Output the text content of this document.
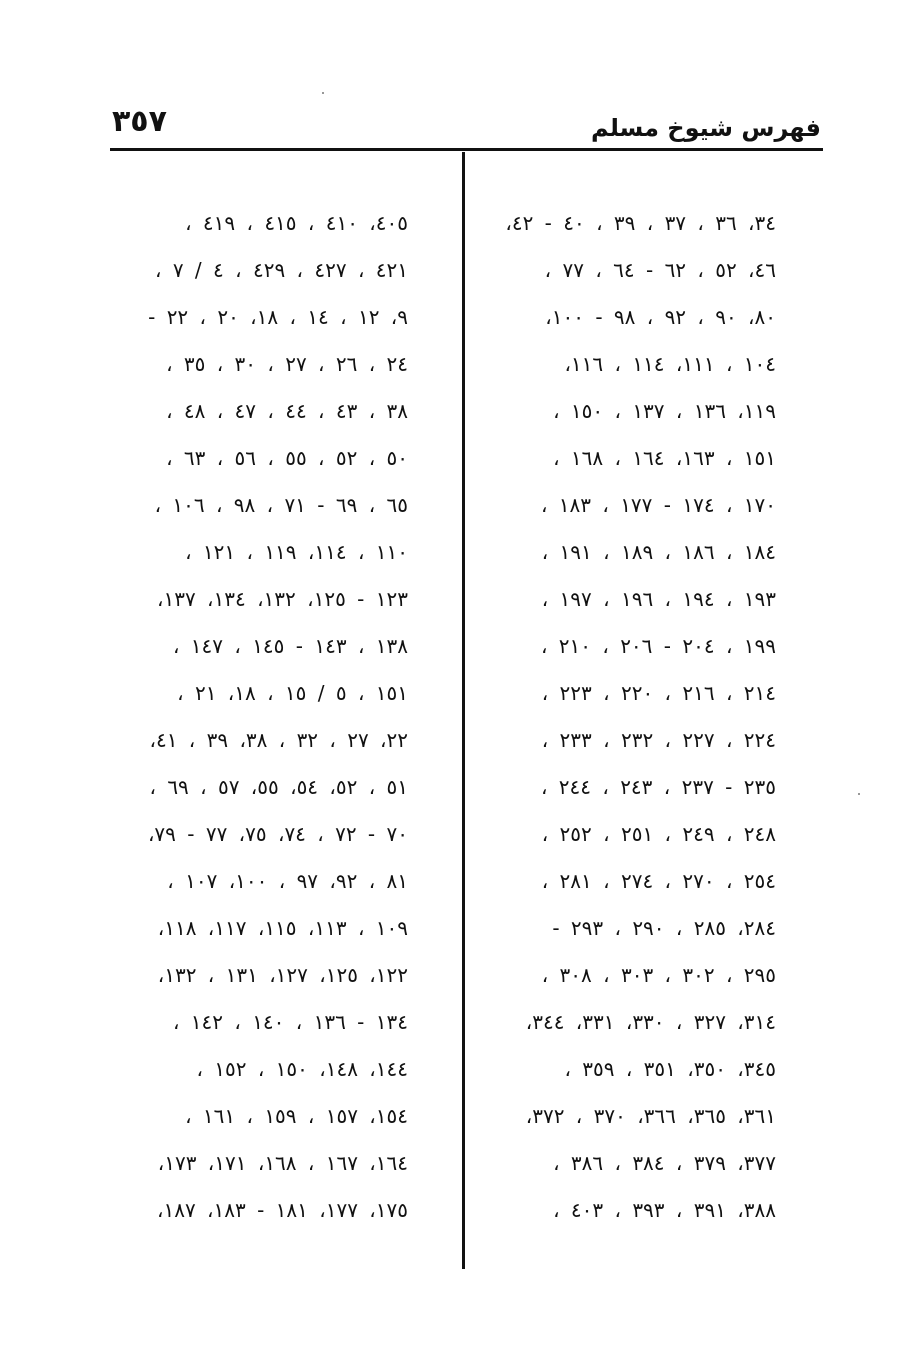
٣٥٧	فهرس شيوخ مسلم
٣٤، ٣٦ ، ٣٧ ، ٣٩ ، ٤٠ - ٤٢،
٤٦، ٥٢ ، ٦٢ - ٦٤ ، ٧٧ ،
٨٠، ٩٠ ، ٩٢ ، ٩٨ - ١٠٠،
١٠٤ ، ١١١، ١١٤ ، ١١٦،
١١٩، ١٣٦ ، ١٣٧ ، ١٥٠ ،
١٥١ ، ١٦٣، ١٦٤ ، ١٦٨ ،
١٧٠ ، ١٧٤ - ١٧٧ ، ١٨٣ ،
١٨٤ ، ١٨٦ ، ١٨٩ ، ١٩١ ،
١٩٣ ، ١٩٤ ، ١٩٦ ، ١٩٧ ،
١٩٩ ، ٢٠٤ - ٢٠٦ ، ٢١٠ ،
٢١٤ ، ٢١٦ ، ٢٢٠ ، ٢٢٣ ،
٢٢٤ ، ٢٢٧ ، ٢٣٢ ، ٢٣٣ ،
٢٣٥ - ٢٣٧ ، ٢٤٣ ، ٢٤٤ ،
٢٤٨ ، ٢٤٩ ، ٢٥١ ، ٢٥٢ ،
٢٥٤ ، ٢٧٠ ، ٢٧٤ ، ٢٨١ ،
٢٨٤، ٢٨٥ ، ٢٩٠ ، ٢٩٣ -
٢٩٥ ، ٣٠٢ ، ٣٠٣ ، ٣٠٨ ،
٣١٤، ٣٢٧ ، ٣٣٠، ٣٣١، ٣٤٤،
٣٤٥، ٣٥٠، ٣٥١ ، ٣٥٩ ،
٣٦١، ٣٦٥، ٣٦٦، ٣٧٠ ، ٣٧٢،
٣٧٧، ٣٧٩ ، ٣٨٤ ، ٣٨٦ ،
٣٨٨، ٣٩١ ، ٣٩٣ ، ٤٠٣ ،
٤٠٥، ٤١٠ ، ٤١٥ ، ٤١٩ ،
٤٢١ ، ٤٢٧ ، ٤٢٩ ، ٤ / ٧ ،
٩، ١٢ ، ١٤ ، ١٨، ٢٠ ، ٢٢ -
٢٤ ، ٢٦ ، ٢٧ ، ٣٠ ، ٣٥ ،
٣٨ ، ٤٣ ، ٤٤ ، ٤٧ ، ٤٨ ،
٥٠ ، ٥٢ ، ٥٥ ، ٥٦ ، ٦٣ ،
٦٥ ، ٦٩ - ٧١ ، ٩٨ ، ١٠٦ ،
١١٠ ، ١١٤، ١١٩ ، ١٢١ ،
١٢٣ - ١٢٥، ١٣٢، ١٣٤، ١٣٧،
١٣٨ ، ١٤٣ - ١٤٥ ، ١٤٧ ،
١٥١ ، ٥ / ١٥ ، ١٨، ٢١ ،
٢٢، ٢٧ ، ٣٢ ، ٣٨، ٣٩ ، ٤١،
٥١ ، ٥٢، ٥٤، ٥٥، ٥٧ ، ٦٩ ،
٧٠ - ٧٢ ، ٧٤، ٧٥، ٧٧ - ٧٩،
٨١ ، ٩٢، ٩٧ ، ١٠٠، ١٠٧ ،
١٠٩ ، ١١٣، ١١٥، ١١٧، ١١٨،
١٢٢، ١٢٥، ١٢٧، ١٣١ ، ١٣٢،
١٣٤ - ١٣٦ ، ١٤٠ ، ١٤٢ ،
١٤٤، ١٤٨، ١٥٠ ، ١٥٢ ،
١٥٤، ١٥٧ ، ١٥٩ ، ١٦١ ،
١٦٤، ١٦٧ ، ١٦٨، ١٧١، ١٧٣،
١٧٥، ١٧٧، ١٨١ - ١٨٣، ١٨٧،
